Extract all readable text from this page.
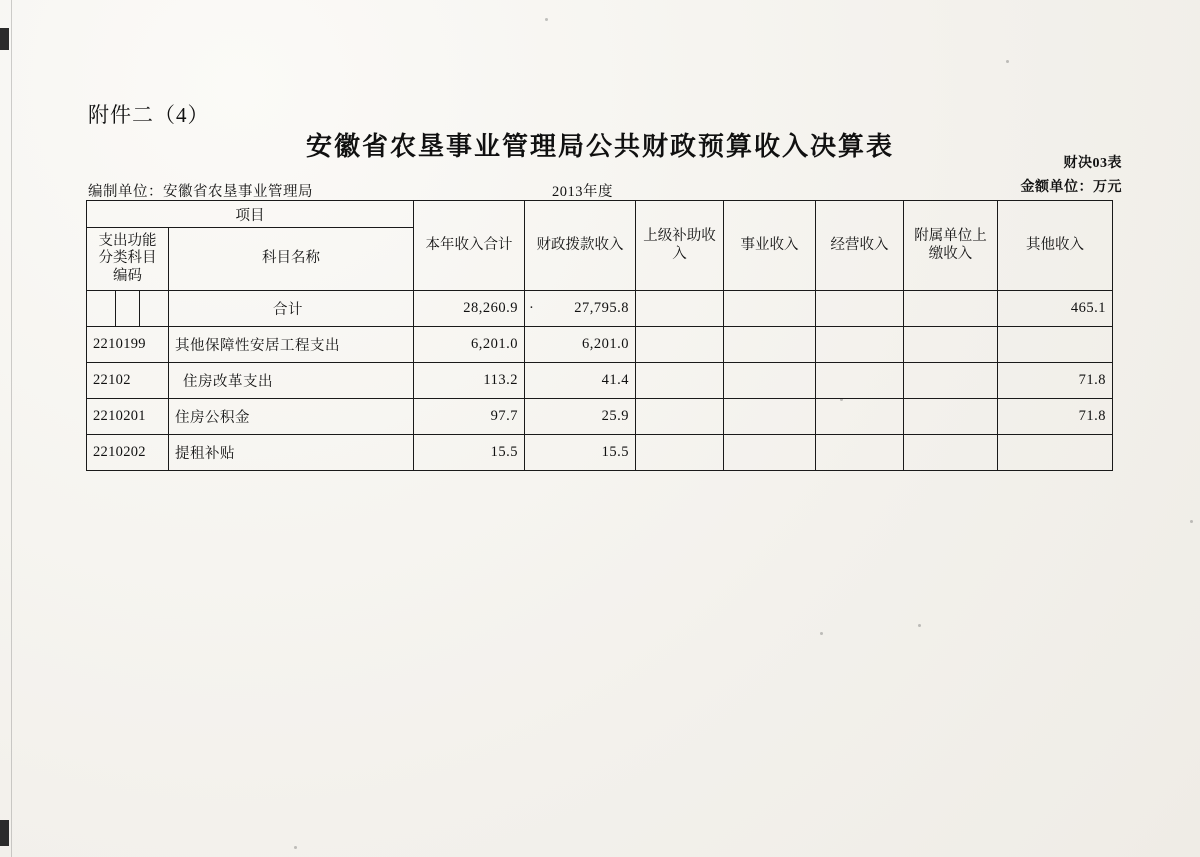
附件二（4）
安徽省农垦事业管理局公共财政预算收入决算表
财决03表
金额单位：万元
编制单位：安徽省农垦事业管理局	2013年度
项目		本年收入合计	财政拨款收入	上级补助收入	事业收入	经营收入	附属单位上缴收入	其他收入

支出功能
分类科目
编码	科目名称							

	合计	28,260.9	· 27,795.8					465.1
2210199	其他保障性安居工程支出	6,201.0	6,201.0					
22102	住房改革支出	113.2	41.4					71.8
2210201	住房公积金	97.7	25.9					71.8
2210202	提租补贴	15.5	15.5					
